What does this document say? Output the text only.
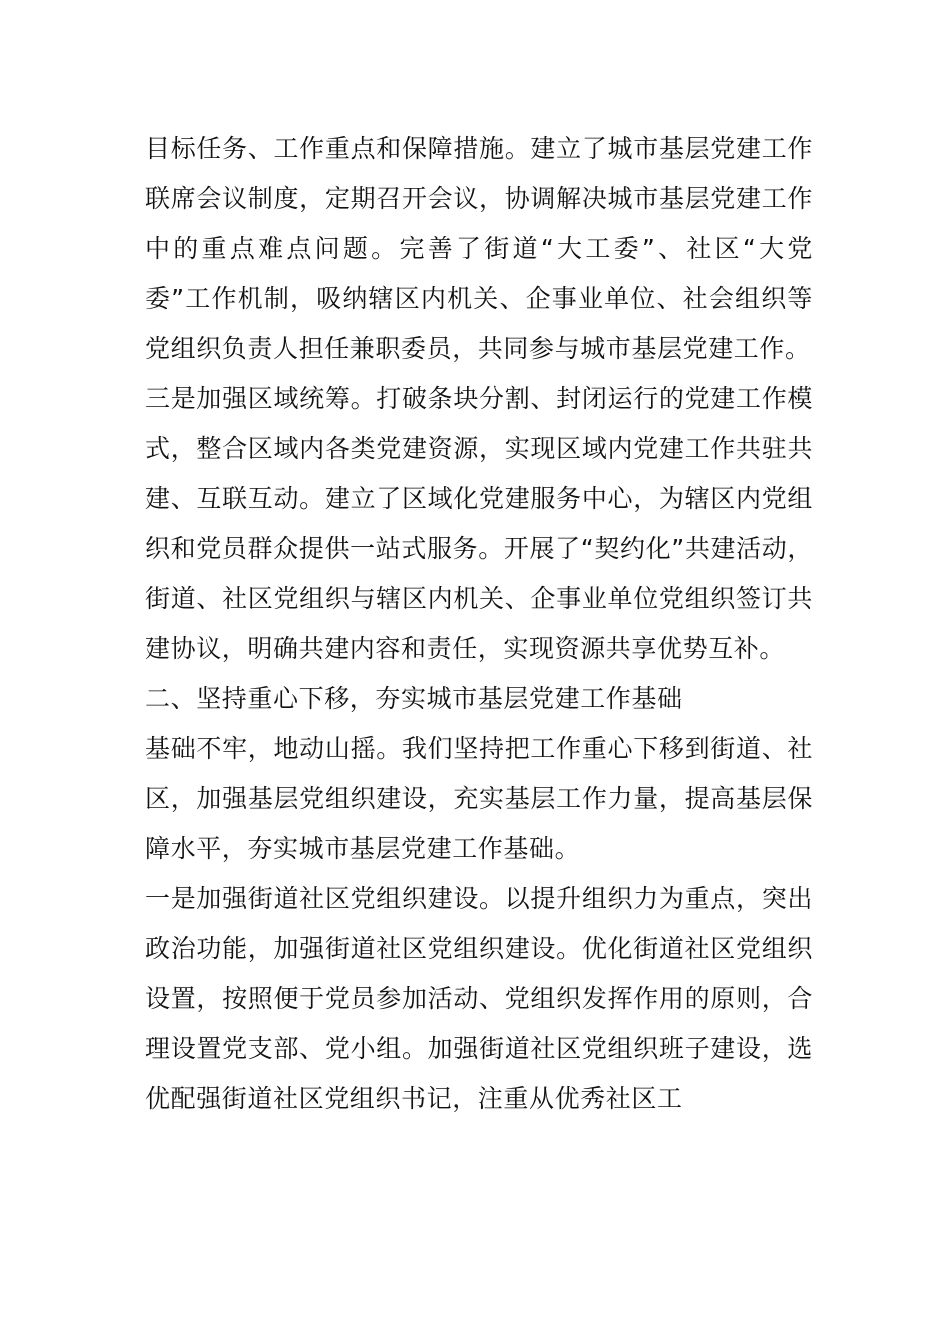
目标任务、工作重点和保障措施。建立了城市基层党建工作联席会议制度，定期召开会议，协调解决城市基层党建工作中的重点难点问题。完善了街道“大工委”、社区“大党委”工作机制，吸纳辖区内机关、企事业单位、社会组织等党组织负责人担任兼职委员，共同参与城市基层党建工作。

三是加强区域统筹。打破条块分割、封闭运行的党建工作模式，整合区域内各类党建资源，实现区域内党建工作共驻共建、互联互动。建立了区域化党建服务中心，为辖区内党组织和党员群众提供一站式服务。开展了“契约化”共建活动，街道、社区党组织与辖区内机关、企事业单位党组织签订共建协议，明确共建内容和责任，实现资源共享优势互补。

二、坚持重心下移，夯实城市基层党建工作基础

基础不牢，地动山摇。我们坚持把工作重心下移到街道、社区，加强基层党组织建设，充实基层工作力量，提高基层保障水平，夯实城市基层党建工作基础。

一是加强街道社区党组织建设。以提升组织力为重点，突出政治功能，加强街道社区党组织建设。优化街道社区党组织设置，按照便于党员参加活动、党组织发挥作用的原则，合理设置党支部、党小组。加强街道社区党组织班子建设，选优配强街道社区党组织书记，注重从优秀社区工
